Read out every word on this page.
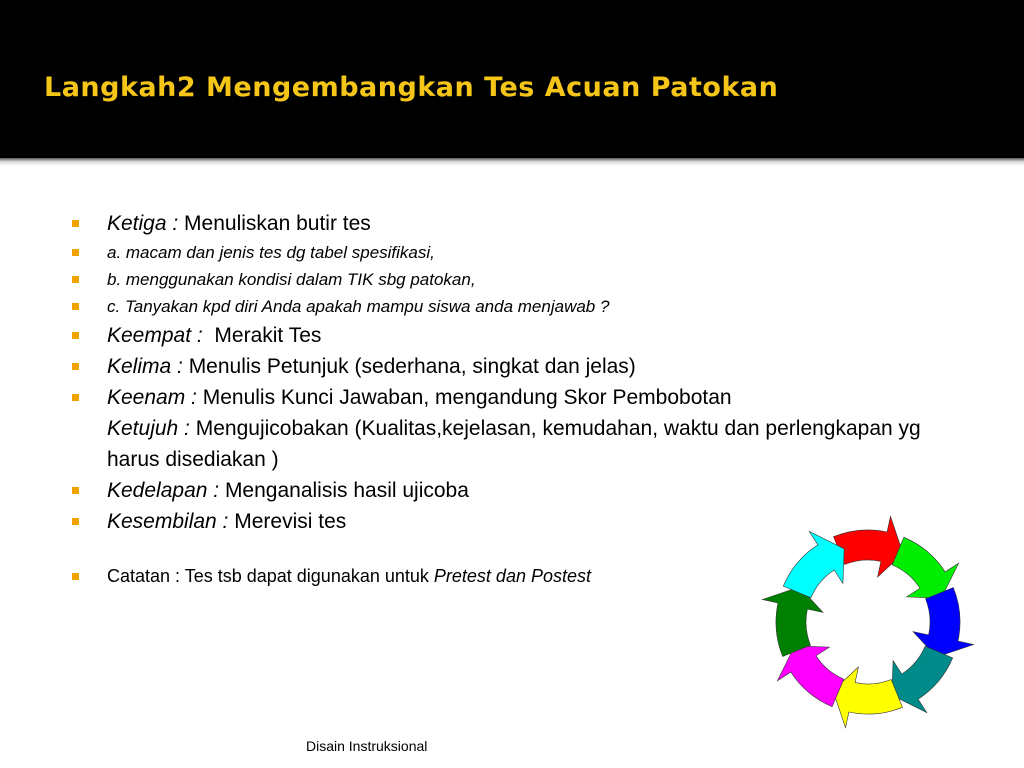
Langkah2 Mengembangkan Tes Acuan Patokan
Ketiga : Menuliskan butir tes
a. macam dan jenis tes dg tabel spesifikasi,
b. menggunakan kondisi dalam TIK sbg patokan,
c. Tanyakan kpd diri Anda apakah mampu siswa anda menjawab ?
Keempat :  Merakit Tes
Kelima : Menulis Petunjuk (sederhana, singkat dan jelas)
Keenam : Menulis Kunci Jawaban, mengandung Skor Pembobotan
Ketujuh : Mengujicobakan (Kualitas,kejelasan, kemudahan, waktu dan perlengkapan yg harus disediakan )
Kedelapan : Menganalisis hasil ujicoba
Kesembilan : Merevisi tes
Catatan : Tes tsb dapat digunakan untuk Pretest dan Postest
Disain Instruksional
